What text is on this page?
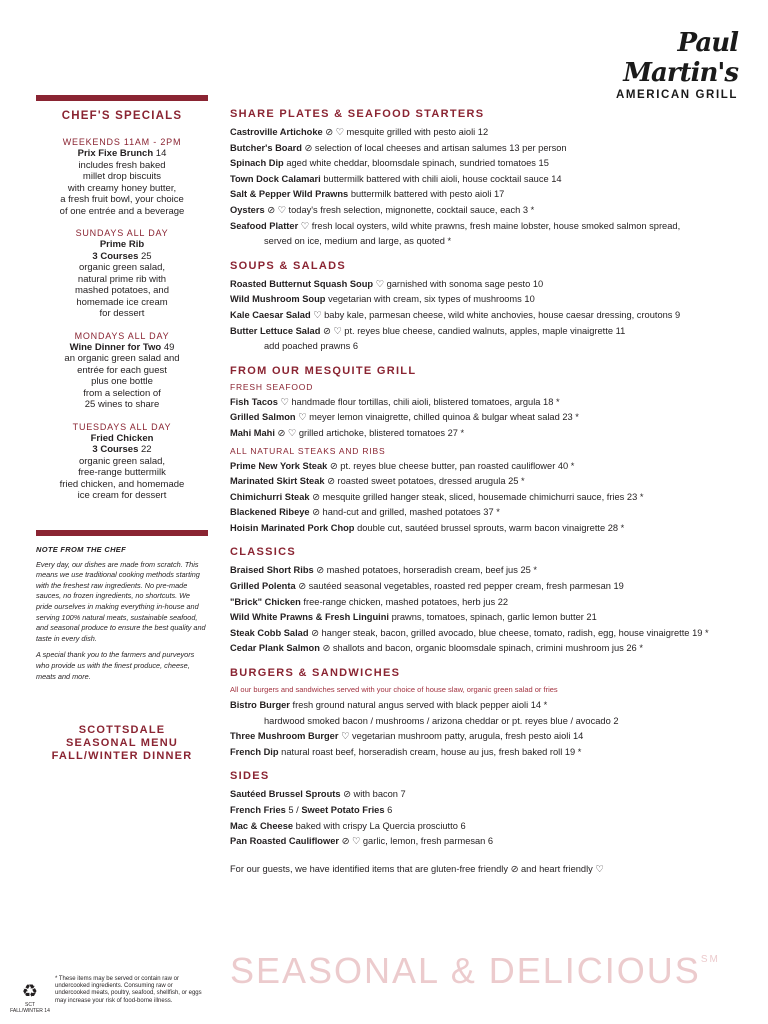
Paul Martin's
AMERICAN GRILL
CHEF'S SPECIALS
WEEKENDS 11AM - 2PM
Prix Fixe Brunch 14
includes fresh baked
millet drop biscuits
with creamy honey butter,
a fresh fruit bowl, your choice
of one entrée and a beverage
SUNDAYS ALL DAY
Prime Rib
3 Courses 25
organic green salad,
natural prime rib with
mashed potatoes, and
homemade ice cream
for dessert
MONDAYS ALL DAY
Wine Dinner for Two 49
an organic green salad and
entrée for each guest
plus one bottle
from a selection of
25 wines to share
TUESDAYS ALL DAY
Fried Chicken
3 Courses 22
organic green salad,
free-range buttermilk
fried chicken, and homemade
ice cream for dessert
NOTE FROM THE CHEF

Every day, our dishes are made from scratch. This means we use traditional cooking methods starting with the freshest raw ingredients. No pre-made sauces, no frozen ingredients, no shortcuts. We pride ourselves in making everything in-house and serving 100% natural meats, sustainable seafood, and seasonal produce to ensure the best quality and taste in every dish.

A special thank you to the farmers and purveyors who provide us with the finest produce, cheese, meats and more.

SCOTTSDALE
SEASONAL MENU
FALL/WINTER DINNER
SHARE PLATES & SEAFOOD STARTERS
Castroville Artichoke ⊘ ♡ mesquite grilled with pesto aioli 12
Butcher's Board ⊘ selection of local cheeses and artisan salumes 13 per person
Spinach Dip aged white cheddar, bloomsdale spinach, sundried tomatoes 15
Town Dock Calamari buttermilk battered with chili aioli, house cocktail sauce 14
Salt & Pepper Wild Prawns buttermilk battered with pesto aioli 17
Oysters ⊘ ♡ today's fresh selection, mignonette, cocktail sauce, each 3 *
Seafood Platter ♡ fresh local oysters, wild white prawns, fresh maine lobster, house smoked salmon spread,
served on ice, medium and large, as quoted *
SOUPS & SALADS
Roasted Butternut Squash Soup ♡ garnished with sonoma sage pesto 10
Wild Mushroom Soup vegetarian with cream, six types of mushrooms 10
Kale Caesar Salad ♡ baby kale, parmesan cheese, wild white anchovies, house caesar dressing, croutons 9
Butter Lettuce Salad ⊘ ♡ pt. reyes blue cheese, candied walnuts, apples, maple vinaigrette 11
add poached prawns 6
FROM OUR MESQUITE GRILL
FRESH SEAFOOD
Fish Tacos ♡ handmade flour tortillas, chili aioli, blistered tomatoes, argula 18 *
Grilled Salmon ♡ meyer lemon vinaigrette, chilled quinoa & bulgar wheat salad 23 *
Mahi Mahi ⊘ ♡ grilled artichoke, blistered tomatoes 27 *
ALL NATURAL STEAKS AND RIBS
Prime New York Steak ⊘ pt. reyes blue cheese butter, pan roasted cauliflower 40 *
Marinated Skirt Steak ⊘ roasted sweet potatoes, dressed arugula 25 *
Chimichurri Steak ⊘ mesquite grilled hanger steak, sliced, housemade chimichurri sauce, fries 23 *
Blackened Ribeye ⊘ hand-cut and grilled, mashed potatoes 37 *
Hoisin Marinated Pork Chop double cut, sautéed brussel sprouts, warm bacon vinaigrette 28 *
CLASSICS
Braised Short Ribs ⊘ mashed potatoes, horseradish cream, beef jus 25 *
Grilled Polenta ⊘ sautéed seasonal vegetables, roasted red pepper cream, fresh parmesan 19
"Brick" Chicken free-range chicken, mashed potatoes, herb jus 22
Wild White Prawns & Fresh Linguini prawns, tomatoes, spinach, garlic lemon butter 21
Steak Cobb Salad ⊘ hanger steak, bacon, grilled avocado, blue cheese, tomato, radish, egg, house vinaigrette 19 *
Cedar Plank Salmon ⊘ shallots and bacon, organic bloomsdale spinach, crimini mushroom jus 26 *
BURGERS & SANDWICHES
All our burgers and sandwiches served with your choice of house slaw, organic green salad or fries
Bistro Burger fresh ground natural angus served with black pepper aioli 14 *
hardwood smoked bacon / mushrooms / arizona cheddar or pt. reyes blue / avocado 2
Three Mushroom Burger ♡ vegetarian mushroom patty, arugula, fresh pesto aioli 14
French Dip natural roast beef, horseradish cream, house au jus, fresh baked roll 19 *
SIDES
Sautéed Brussel Sprouts ⊘ with bacon 7
French Fries 5 / Sweet Potato Fries 6
Mac & Cheese baked with crispy La Quercia prosciutto 6
Pan Roasted Cauliflower ⊘ ♡ garlic, lemon, fresh parmesan 6
For our guests, we have identified items that are gluten-free friendly ⊘ and heart friendly ♡
SEASONAL & DELICIOUS℠
♻
SCT
FALL/WINTER 14
* These items may be served or contain raw or undercooked ingredients. Consuming raw or undercooked meats, poultry, seafood, shellfish, or eggs may increase your risk of food-borne illness.
